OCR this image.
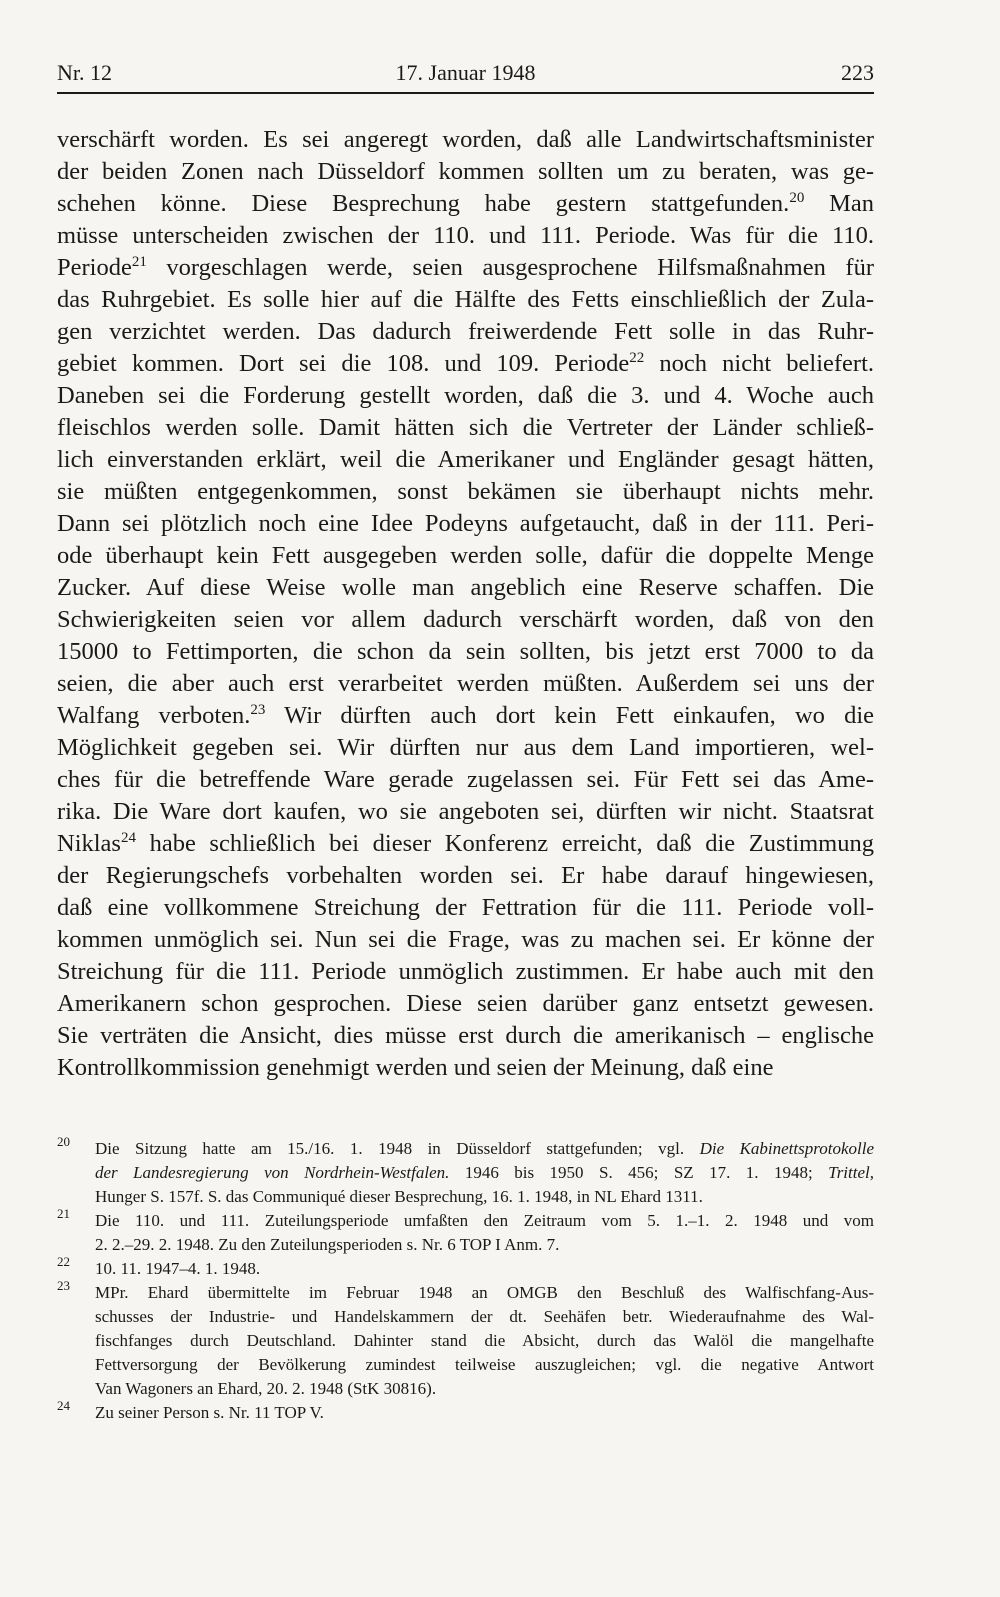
Nr. 12	17. Januar 1948	223
verschärft worden. Es sei angeregt worden, daß alle Landwirtschaftsminister
der beiden Zonen nach Düsseldorf kommen sollten um zu beraten, was ge-
schehen könne. Diese Besprechung habe gestern stattgefunden.$^{20}$ Man
müsse unterscheiden zwischen der 110. und 111. Periode. Was für die 110.
Periode$^{21}$ vorgeschlagen werde, seien ausgesprochene Hilfsmaßnahmen für
das Ruhrgebiet. Es solle hier auf die Hälfte des Fetts einschließlich der Zula-
gen verzichtet werden. Das dadurch freiwerdende Fett solle in das Ruhr-
gebiet kommen. Dort sei die 108. und 109. Periode$^{22}$ noch nicht beliefert.
Daneben sei die Forderung gestellt worden, daß die 3. und 4. Woche auch
fleischlos werden solle. Damit hätten sich die Vertreter der Länder schließ-
lich einverstanden erklärt, weil die Amerikaner und Engländer gesagt hätten,
sie müßten entgegenkommen, sonst bekämen sie überhaupt nichts mehr.
Dann sei plötzlich noch eine Idee Podeyns aufgetaucht, daß in der 111. Peri-
ode überhaupt kein Fett ausgegeben werden solle, dafür die doppelte Menge
Zucker. Auf diese Weise wolle man angeblich eine Reserve schaffen. Die
Schwierigkeiten seien vor allem dadurch verschärft worden, daß von den
15000 to Fettimporten, die schon da sein sollten, bis jetzt erst 7000 to da
seien, die aber auch erst verarbeitet werden müßten. Außerdem sei uns der
Walfang verboten.$^{23}$ Wir dürften auch dort kein Fett einkaufen, wo die
Möglichkeit gegeben sei. Wir dürften nur aus dem Land importieren, wel-
ches für die betreffende Ware gerade zugelassen sei. Für Fett sei das Ame-
rika. Die Ware dort kaufen, wo sie angeboten sei, dürften wir nicht. Staatsrat
Niklas$^{24}$ habe schließlich bei dieser Konferenz erreicht, daß die Zustimmung
der Regierungschefs vorbehalten worden sei. Er habe darauf hingewiesen,
daß eine vollkommene Streichung der Fettration für die 111. Periode voll-
kommen unmöglich sei. Nun sei die Frage, was zu machen sei. Er könne der
Streichung für die 111. Periode unmöglich zustimmen. Er habe auch mit den
Amerikanern schon gesprochen. Diese seien darüber ganz entsetzt gewesen.
Sie verträten die Ansicht, dies müsse erst durch die amerikanisch – englische
Kontrollkommission genehmigt werden und seien der Meinung, daß eine
20 Die Sitzung hatte am 15./16. 1. 1948 in Düsseldorf stattgefunden; vgl. Die Kabinettsprotokolle
der Landesregierung von Nordrhein-Westfalen. 1946 bis 1950 S. 456; SZ 17. 1. 1948; Trittel,
Hunger S. 157f. S. das Communiqué dieser Besprechung, 16. 1. 1948, in NL Ehard 1311.
21 Die 110. und 111. Zuteilungsperiode umfaßten den Zeitraum vom 5. 1.–1. 2. 1948 und vom
2. 2.–29. 2. 1948. Zu den Zuteilungsperioden s. Nr. 6 TOP I Anm. 7.
22 10. 11. 1947–4. 1. 1948.
23 MPr. Ehard übermittelte im Februar 1948 an OMGB den Beschluß des Walfischfang-Aus-
schusses der Industrie- und Handelskammern der dt. Seehäfen betr. Wiederaufnahme des Wal-
fischfanges durch Deutschland. Dahinter stand die Absicht, durch das Walöl die mangelhafte
Fettversorgung der Bevölkerung zumindest teilweise auszugleichen; vgl. die negative Antwort
Van Wagoners an Ehard, 20. 2. 1948 (StK 30816).
24 Zu seiner Person s. Nr. 11 TOP V.
